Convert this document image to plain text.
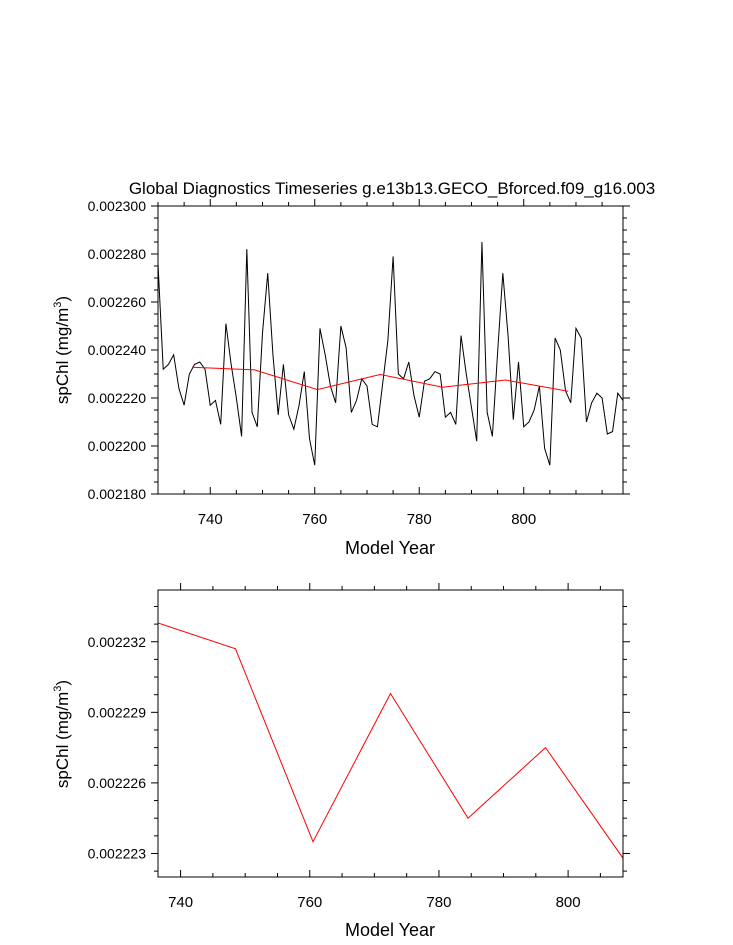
Global Diagnostics Timeseries g.e13b13.GECO_Bforced.f09_g16.003
740	760	780	800
0.002180
0.002200
0.002220
0.002240
0.002260
0.002280
0.002300
Model Year
spChl $(mg/m^3)$
740	760	780	800
0.002223
0.002226
0.002229
0.002232
Model Year
spChl $(mg/m^3)$
